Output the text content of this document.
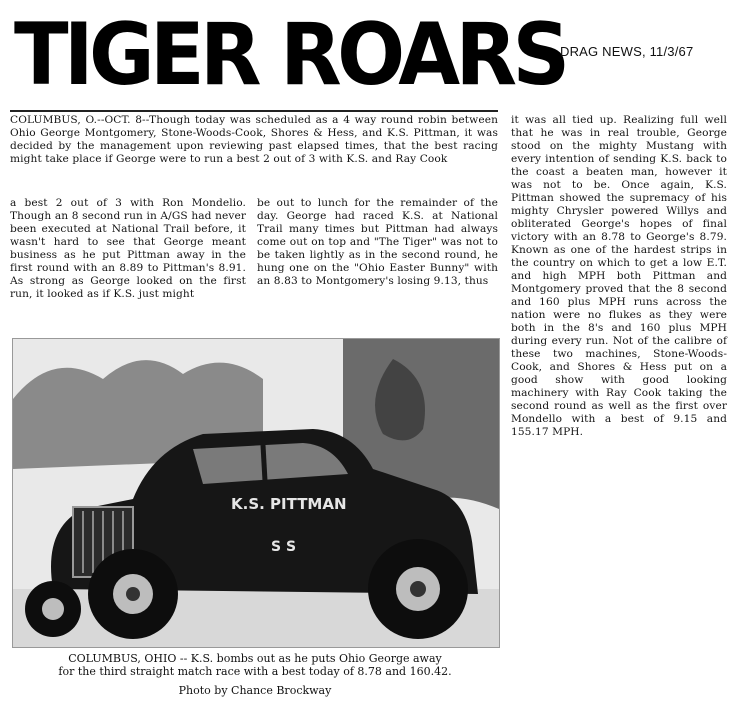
TIGER ROARS
DRAG NEWS, 11/3/67

COLUMBUS, O.--OCT. 8--Though today was scheduled as a 4 way round robin between Ohio George Montgomery, Stone-Woods-Cook, Shores & Hess, and K.S. Pittman, it was decided by the management upon reviewing past elapsed times, that the best racing might take place if George were to run a best 2 out of 3 with K.S. and Ray Cook

a best 2 out of 3 with Ron Mondelio. Though an 8 second run in A/GS had never been executed at National Trail before, it wasn't hard to see that George meant business as he put Pittman away in the first round with an 8.89 to Pittman's 8.91. As strong as George looked on the first run, it looked as if K.S. just might

be out to lunch for the remainder of the day. George had raced K.S. at National Trail many times but Pittman had always come out on top and "The Tiger" was not to be taken lightly as in the second round, he hung one on the "Ohio Easter Bunny" with an 8.83 to Montgomery's losing 9.13, thus

it was all tied up. Realizing full well that he was in real trouble, George stood on the mighty Mustang with every intention of sending K.S. back to the coast a beaten man, however it was not to be. Once again, K.S. Pittman showed the supremacy of his mighty Chrysler powered Willys and obliterated George's hopes of final victory with an 8.78 to George's 8.79. Known as one of the hardest strips in the country on which to get a low E.T. and high MPH both Pittman and Montgomery proved that the 8 second and 160 plus MPH runs across the nation were no flukes as they were both in the 8's and 160 plus MPH during every run. Not of the calibre of these two machines, Stone-Woods-Cook, and Shores & Hess put on a good show with good looking machinery with Ray Cook taking the second round as well as the first over Mondello with a best of 9.15 and 155.17 MPH.

K.S. PITTMAN
S S
COLUMBUS, OHIO -- K.S. bombs out as he puts Ohio George away
for the third straight match race with a best today of 8.78 and 160.42.
Photo by Chance Brockway
